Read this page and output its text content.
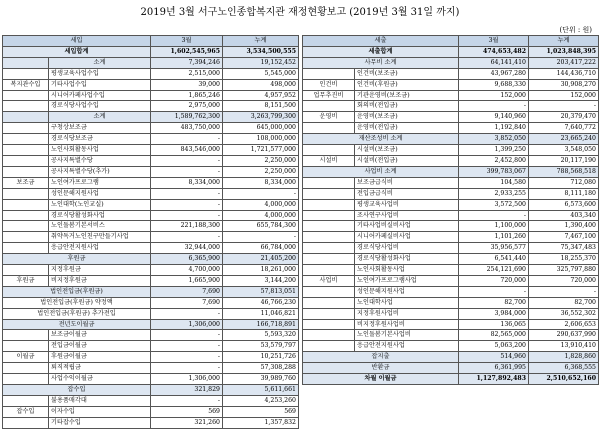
2019년 3월 서구노인종합복지관 재정현황보고 (2019년 3월 31일 까지)
(단위 : 원)
세입		3월	누계
세입합계		1,602,545,965	3,534,500,555
	소계	7,394,246	19,152,452
	평생교육사업수입	2,515,000	5,545,000
복지관수입	기타사업수입	39,000	498,000
	시니어카페사업수입	1,865,246	4,957,952
	경로식당사업수입	2,975,000	8,151,500
	소계	1,589,762,300	3,263,799,300
	구청상보조금	483,750,000	645,000,000
	경로식당보조금	-	108,000,000
	노인사회활동사업	843,546,000	1,721,577,000
	공사지특별수당	-	2,250,000
	공사지특별수당(추가)	-	2,250,000
보조금	노인여가프로그램	8,334,000	8,334,000
	성인문해지원사업	-	-
	노인대학(노인교실)	-	4,000,000
	경로식당활성화사업	-	4,000,000
	노인돌봄기본서비스	221,188,300	655,784,300
	취약독거노인친구만들기사업	-	-
	응급안전지원사업	32,944,000	66,784,000
후원금		6,365,900	21,405,200
	지정후원금	4,700,000	18,261,000
후원금	비지정후원금	1,665,900	3,144,200
법인전입금(후원금)		7,690	57,813,051
법인전입금(후원금) 약정액		7,690	46,766,230
법인전입금(후원금) 추가전입		-	11,046,821
전년도이월금		1,306,000	166,718,891
	보조금이월금	-	5,593,320
	전입금이월금	-	53,579,797
이월금	후원금이월금	-	10,251,726
	퇴직적립금	-	57,308,288
	사업수익이월금	1,306,000	39,989,760
잡수입		321,829	5,611,661
	불용품매각대	-	4,253,260
잡수입	이자수입	569	569
	기타잡수입	321,260	1,357,832
세출		3월	누계
세출합계		474,653,482	1,023,848,395
사무비 소계		64,141,410	203,417,222
	인건비(보조금)	43,967,280	144,436,710
인건비	인건비(후원금)	9,688,330	30,908,270
업무추진비	기관운영비(보조금)	152,000	152,000
	회의비(전입금)	-	-
운영비	운영비(보조금)	9,140,960	20,379,470
	운영비(전입금)	1,192,840	7,640,772
재산조성비 소계		3,852,050	23,665,240
	시설비(보조금)	1,399,250	3,548,050
시설비	시설비(전입금)	2,452,800	20,117,190
사업비 소계		399,783,067	788,568,518
	보조금급식비	104,580	712,080
	전입금급식비	2,933,255	8,111,180
	평생교육사업비	3,572,500	6,573,600
	조사연구사업비	-	403,340
	기타사업비실비사업	1,100,000	1,390,400
	시니어카페실비사업	1,101,260	7,467,100
	경로식당사업비	35,956,577	75,347,483
	경로식당활성화사업	6,541,440	18,255,370
	노인사회활동사업	254,121,690	325,797,880
사업비	노인여가프로그램사업	720,000	720,000
	성인문해지원사업	-	-
	노인대학사업	82,700	82,700
	지정후원사업비	3,984,000	36,552,302
	비지정후원사업비	136,065	2,606,653
	노인돌봄기본사업비	82,565,000	290,637,990
	응급안전지원사업	5,063,200	13,910,410
잡지출		514,960	1,828,860
반환금		6,361,995	6,368,555
차월 이월금		1,127,892,483	2,510,652,160
